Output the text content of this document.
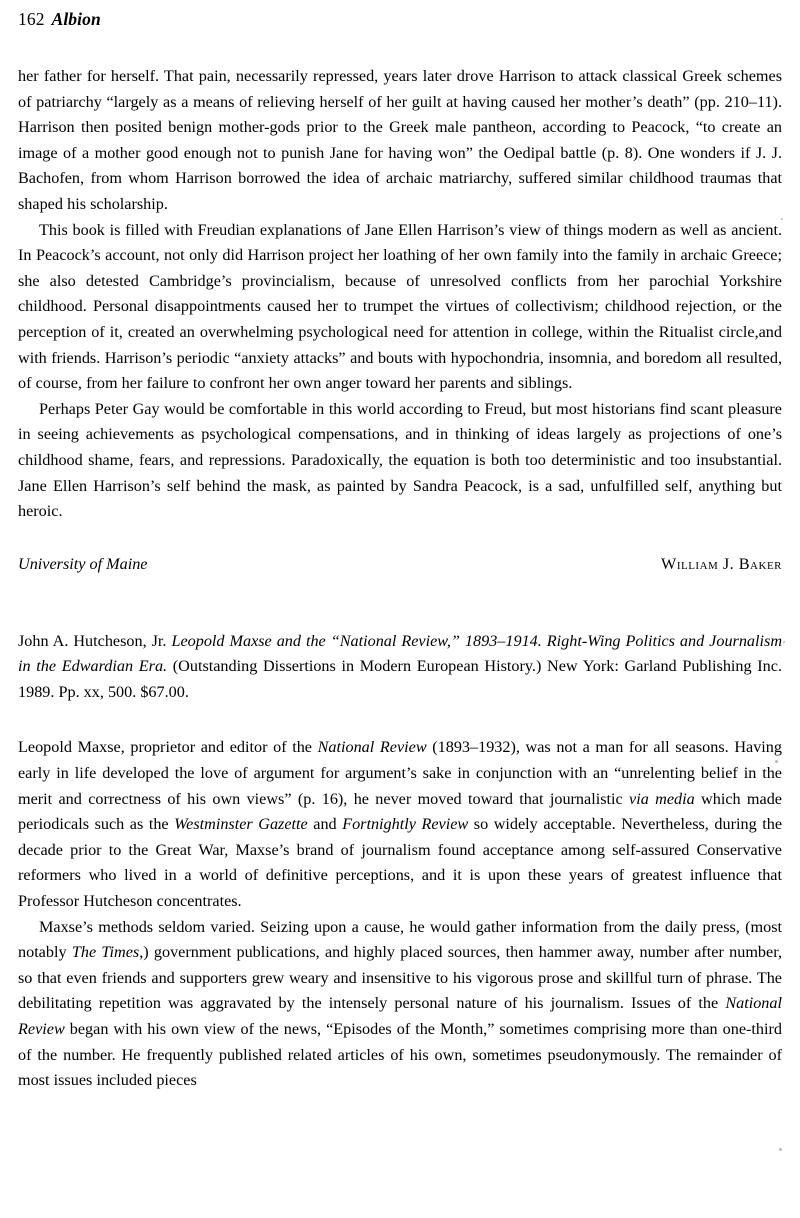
162 Albion

her father for herself. That pain, necessarily repressed, years later drove Harrison to attack classical Greek schemes of patriarchy “largely as a means of relieving herself of her guilt at having caused her mother’s death” (pp. 210–11). Harrison then posited benign mother-gods prior to the Greek male pantheon, according to Peacock, “to create an image of a mother good enough not to punish Jane for having won” the Oedipal battle (p. 8). One wonders if J. J. Bachofen, from whom Harrison borrowed the idea of archaic matriarchy, suffered similar childhood traumas that shaped his scholarship.

This book is filled with Freudian explanations of Jane Ellen Harrison’s view of things modern as well as ancient. In Peacock’s account, not only did Harrison project her loathing of her own family into the family in archaic Greece; she also detested Cambridge’s provincialism, because of unresolved conflicts from her parochial Yorkshire childhood. Personal disappointments caused her to trumpet the virtues of collectivism; childhood rejection, or the perception of it, created an overwhelming psychological need for attention in college, within the Ritualist circle,and with friends. Harrison’s periodic “anxiety attacks” and bouts with hypochondria, insomnia, and boredom all resulted, of course, from her failure to confront her own anger toward her parents and siblings.

Perhaps Peter Gay would be comfortable in this world according to Freud, but most historians find scant pleasure in seeing achievements as psychological compensations, and in thinking of ideas largely as projections of one’s childhood shame, fears, and repressions. Paradoxically, the equation is both too deterministic and too insubstantial. Jane Ellen Harrison’s self behind the mask, as painted by Sandra Peacock, is a sad, unfulfilled self, anything but heroic.

University of Maine	William J. Baker

John A. Hutcheson, Jr. Leopold Maxse and the “National Review,” 1893–1914. Right-Wing Politics and Journalism in the Edwardian Era. (Outstanding Dissertions in Modern European History.) New York: Garland Publishing Inc. 1989. Pp. xx, 500. $67.00.

Leopold Maxse, proprietor and editor of the National Review (1893–1932), was not a man for all seasons. Having early in life developed the love of argument for argument’s sake in conjunction with an “unrelenting belief in the merit and correctness of his own views” (p. 16), he never moved toward that journalistic via media which made periodicals such as the Westminster Gazette and Fortnightly Review so widely acceptable. Nevertheless, during the decade prior to the Great War, Maxse’s brand of journalism found acceptance among self-assured Conservative reformers who lived in a world of definitive perceptions, and it is upon these years of greatest influence that Professor Hutcheson concentrates.

Maxse’s methods seldom varied. Seizing upon a cause, he would gather information from the daily press, (most notably The Times,) government publications, and highly placed sources, then hammer away, number after number, so that even friends and supporters grew weary and insensitive to his vigorous prose and skillful turn of phrase. The debilitating repetition was aggravated by the intensely personal nature of his journalism. Issues of the National Review began with his own view of the news, “Episodes of the Month,” sometimes comprising more than one-third of the number. He frequently published related articles of his own, sometimes pseudonymously. The remainder of most issues included pieces
